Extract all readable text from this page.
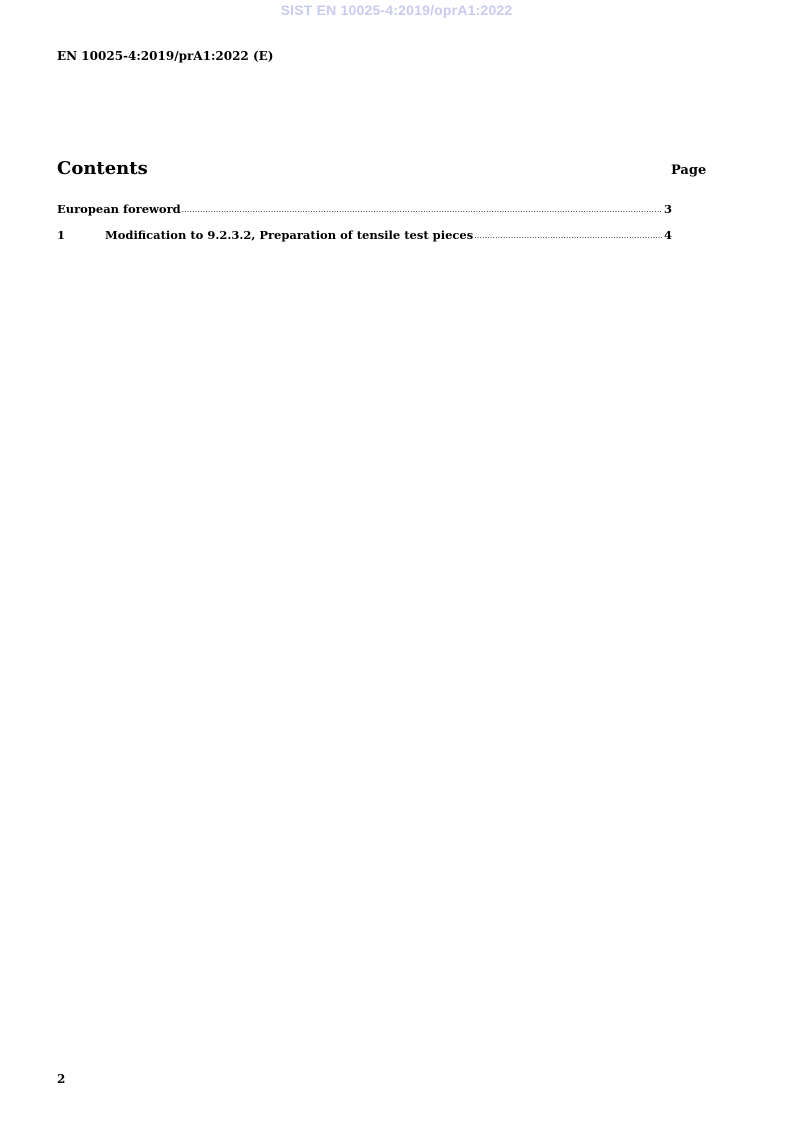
SIST EN 10025-4:2019/oprA1:2022
EN 10025-4:2019/prA1:2022 (E)
Contents	Page
European foreword .....	3
1	Modification to 9.2.3.2, Preparation of tensile test pieces .....	4
2
